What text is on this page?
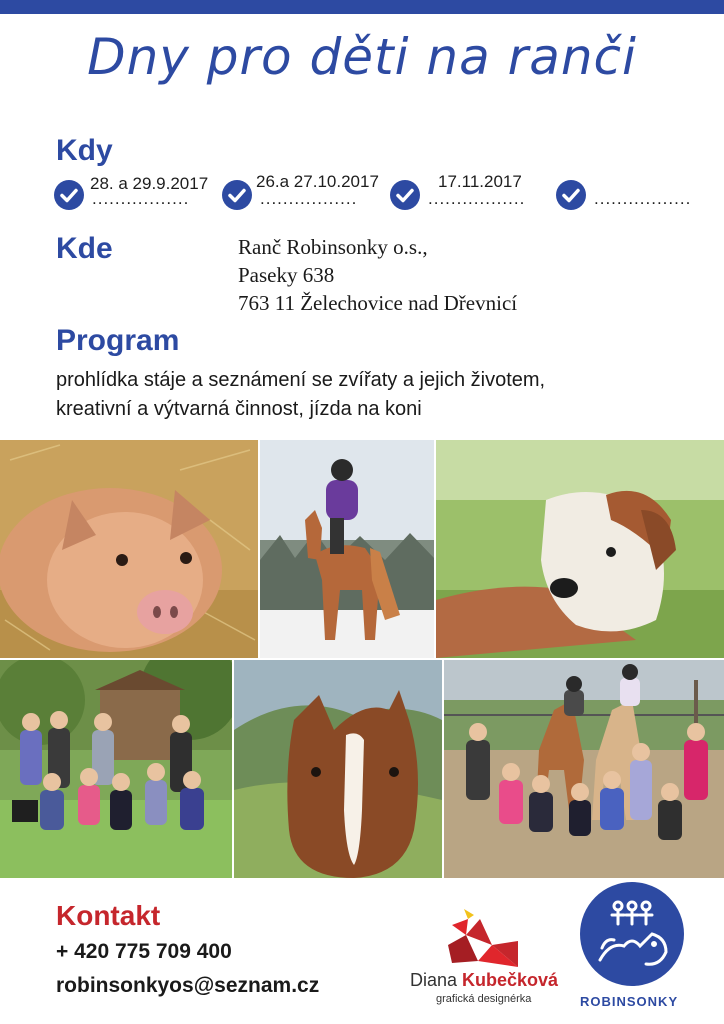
Dny pro děti na ranči
Kdy
28. a 29.9.2017
.................
26.a 27.10.2017
.................
17.11.2017
.................	.................
Kde	Ranč Robinsonky o.s.,
Paseky 638
763 11 Želechovice nad Dřevnicí
Program
prohlídka stáje a seznámení se zvířaty a jejich životem,
kreativní a výtvarná činnost, jízda na koni
Kontakt
+ 420 775 709 400
robinsonkyos@seznam.cz	Diana Kubečková
grafická designérka	ROBINSONKY
